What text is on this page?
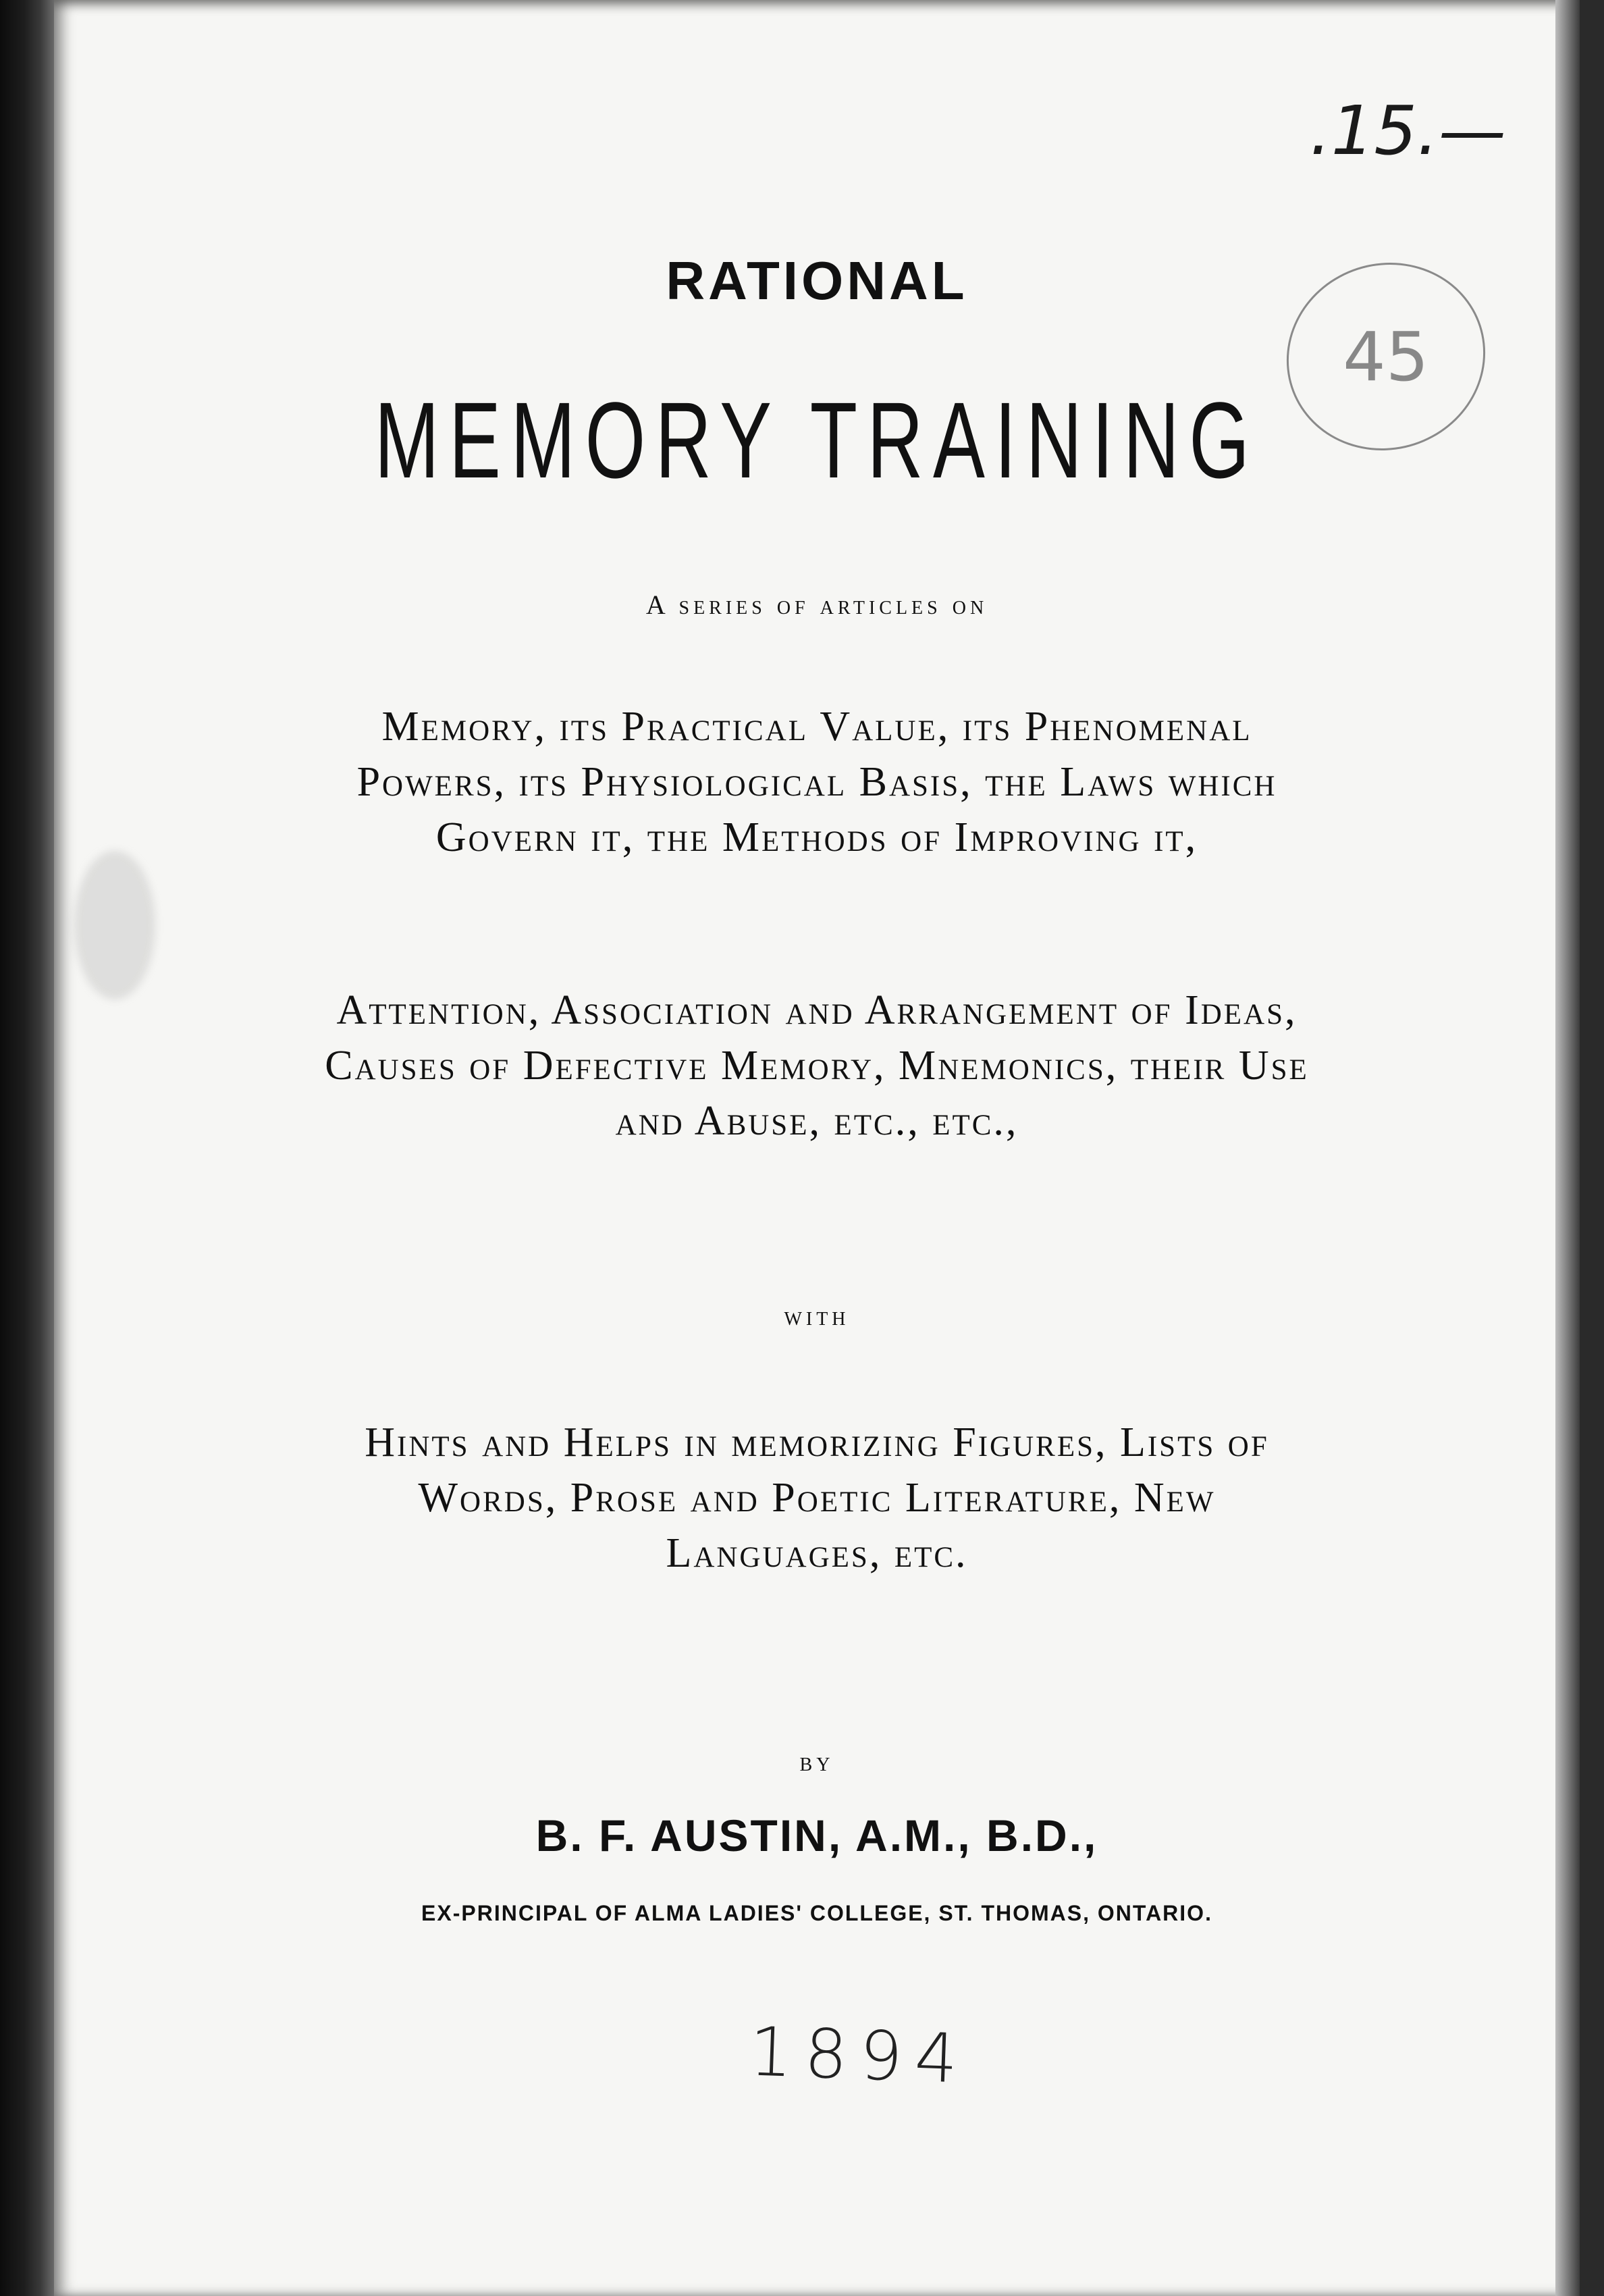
.15.—
45
RATIONAL
MEMORY TRAINING

A series of articles on

Memory, its Practical Value, its Phenomenal Powers, its Physiological Basis, the Laws which Govern it, the Methods of Improving it,

Attention, Association and Arrangement of Ideas, Causes of Defective Memory, Mnemonics, their Use and Abuse, etc., etc.,

with

Hints and Helps in memorizing Figures, Lists of Words, Prose and Poetic Literature, New Languages, etc.

by

B. F. AUSTIN, A.M., B.D.,

EX-PRINCIPAL OF ALMA LADIES' COLLEGE, ST. THOMAS, ONTARIO.

1894
